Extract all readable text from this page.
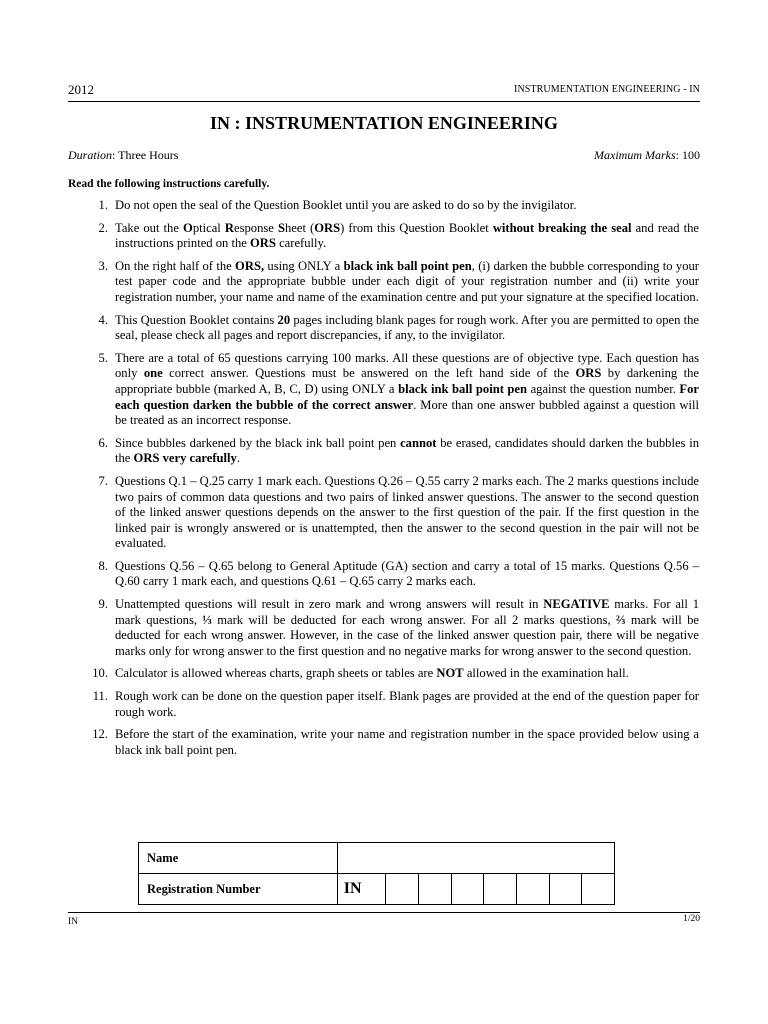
2012	INSTRUMENTATION ENGINEERING - IN
IN : INSTRUMENTATION ENGINEERING
Duration: Three Hours	Maximum Marks: 100
Read the following instructions carefully.
1. Do not open the seal of the Question Booklet until you are asked to do so by the invigilator.
2. Take out the Optical Response Sheet (ORS) from this Question Booklet without breaking the seal and read the instructions printed on the ORS carefully.
3. On the right half of the ORS, using ONLY a black ink ball point pen, (i) darken the bubble corresponding to your test paper code and the appropriate bubble under each digit of your registration number and (ii) write your registration number, your name and name of the examination centre and put your signature at the specified location.
4. This Question Booklet contains 20 pages including blank pages for rough work. After you are permitted to open the seal, please check all pages and report discrepancies, if any, to the invigilator.
5. There are a total of 65 questions carrying 100 marks. All these questions are of objective type. Each question has only one correct answer. Questions must be answered on the left hand side of the ORS by darkening the appropriate bubble (marked A, B, C, D) using ONLY a black ink ball point pen against the question number. For each question darken the bubble of the correct answer. More than one answer bubbled against a question will be treated as an incorrect response.
6. Since bubbles darkened by the black ink ball point pen cannot be erased, candidates should darken the bubbles in the ORS very carefully.
7. Questions Q.1 – Q.25 carry 1 mark each. Questions Q.26 – Q.55 carry 2 marks each. The 2 marks questions include two pairs of common data questions and two pairs of linked answer questions. The answer to the second question of the linked answer questions depends on the answer to the first question of the pair. If the first question in the linked pair is wrongly answered or is unattempted, then the answer to the second question in the pair will not be evaluated.
8. Questions Q.56 – Q.65 belong to General Aptitude (GA) section and carry a total of 15 marks. Questions Q.56 – Q.60 carry 1 mark each, and questions Q.61 – Q.65 carry 2 marks each.
9. Unattempted questions will result in zero mark and wrong answers will result in NEGATIVE marks. For all 1 mark questions, ⅓ mark will be deducted for each wrong answer. For all 2 marks questions, ⅔ mark will be deducted for each wrong answer. However, in the case of the linked answer question pair, there will be negative marks only for wrong answer to the first question and no negative marks for wrong answer to the second question.
10. Calculator is allowed whereas charts, graph sheets or tables are NOT allowed in the examination hall.
11. Rough work can be done on the question paper itself. Blank pages are provided at the end of the question paper for rough work.
12. Before the start of the examination, write your name and registration number in the space provided below using a black ink ball point pen.
Name								
Registration Number	IN							
IN	1/20
